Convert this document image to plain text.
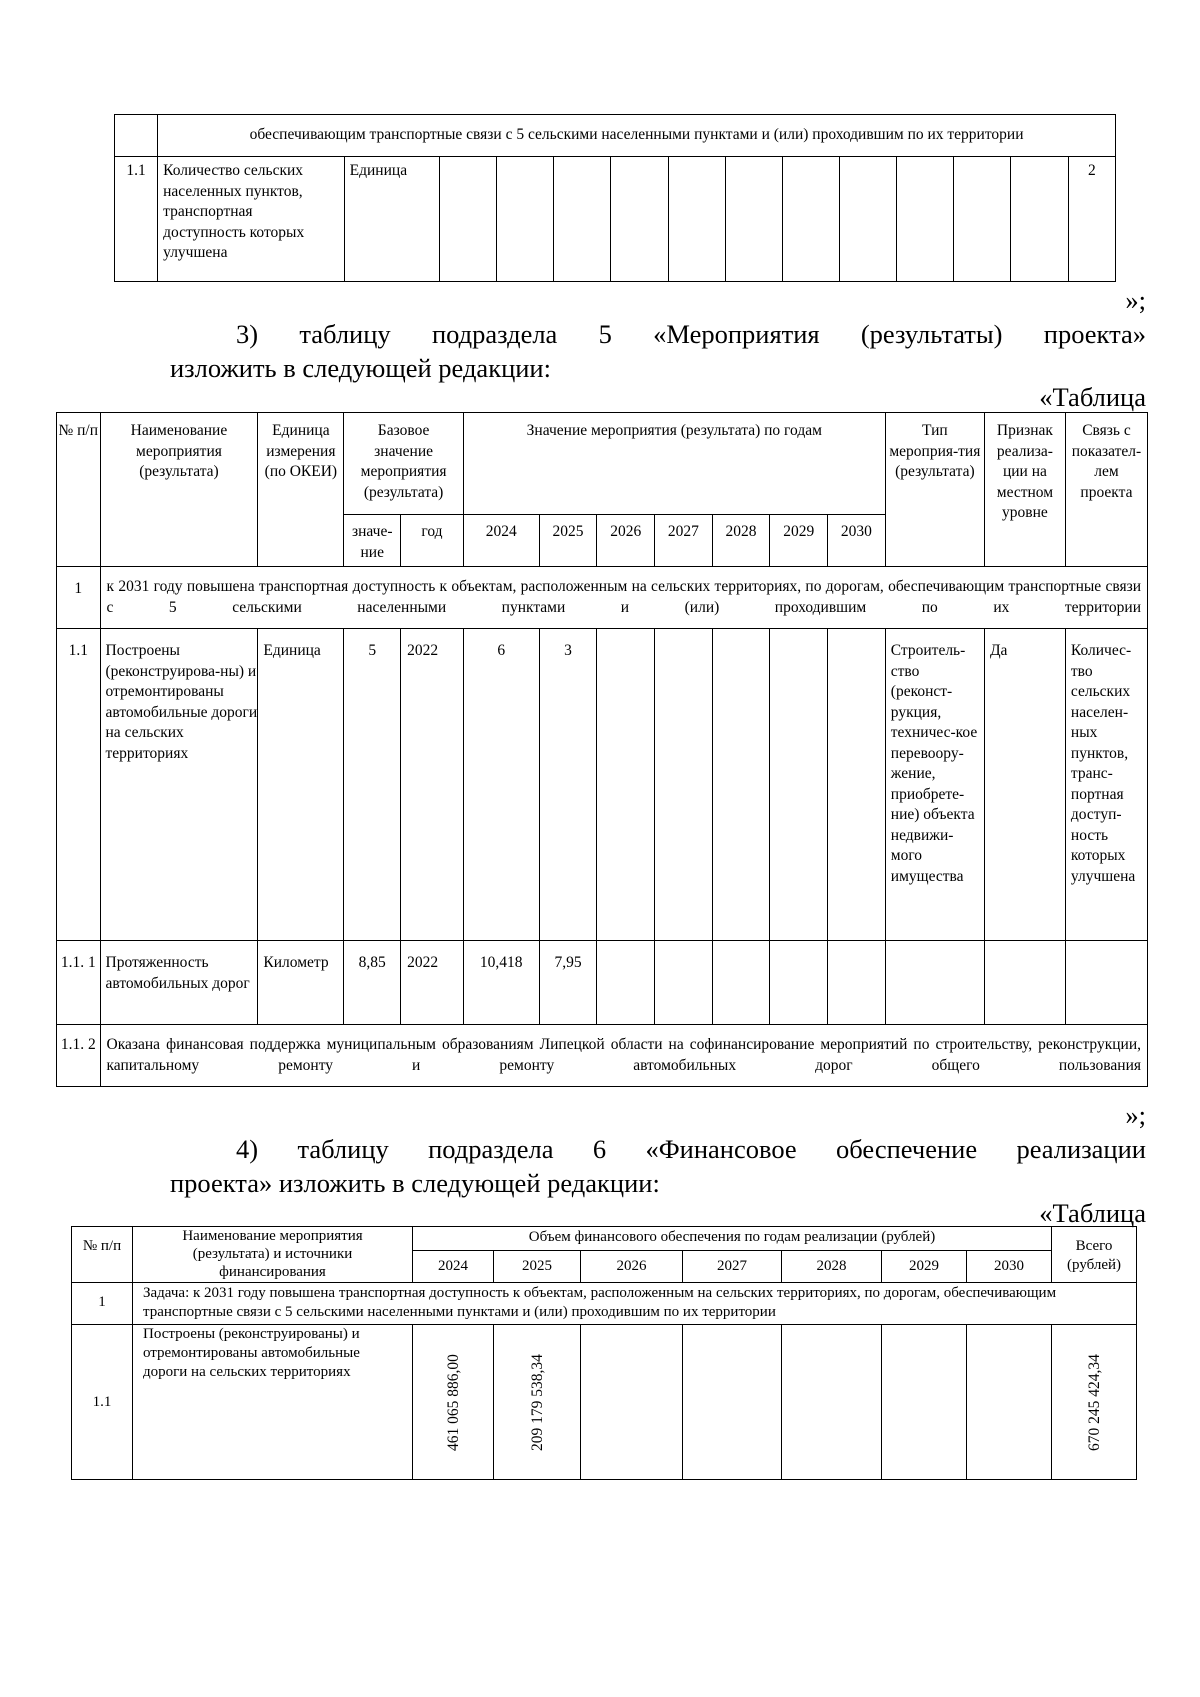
	обеспечивающим транспортные связи с 5 сельскими населенными пунктами и (или) проходившим по их территории													
1.1	Количество сельских населенных пунктов, транспортная доступность которых улучшена	Единица												2
»;
3) таблицу подраздела 5 «Мероприятия (результаты) проекта»
изложить в следующей редакции:
«Таблица
№ п/п	Наименование мероприятия (результата)	Единица измерения (по ОКЕИ)	Базовое значение мероприятия (результата)		Значение мероприятия (результата) по годам							Тип мероприя-тия (результата)	Признак реализа-ции на местном уровне	Связь с показател-лем проекта
			значе-ние	год	2024	2025	2026	2027	2028	2029	2030			
1	к 2031 году повышена транспортная доступность к объектам, расположенным на сельских территориях, по дорогам, обеспечивающим транспортные связи с 5 сельскими населенными пунктами и (или) проходившим по их территории													
1.1	Построены (реконструирова-ны) и отремонтированы автомобильные дороги на сельских территориях	Единица	5	2022	6	3						Строитель-ство (реконст-рукция, техничес-кое перевоору-жение, приобрете-ние) объекта недвижи-мого имущества	Да	Количес-тво сельских населен-ных пунктов, транс-портная доступ-ность которых улучшена
1.1. 1	Протяженность автомобильных дорог	Километр	8,85	2022	10,418	7,95								
1.1. 2	Оказана финансовая поддержка муниципальным образованиям Липецкой области на софинансирование мероприятий по строительству, реконструкции, капитальному ремонту и ремонту автомобильных дорог общего пользования													
»;
4) таблицу подраздела 6 «Финансовое обеспечение реализации
проекта» изложить в следующей редакции:
«Таблица
№ п/п	Наименование мероприятия (результата) и источники финансирования	Объем финансового обеспечения по годам реализации (рублей)							Всего (рублей)
		2024	2025	2026	2027	2028	2029	2030	
1	Задача: к 2031 году повышена транспортная доступность к объектам, расположенным на сельских территориях, по дорогам, обеспечивающим транспортные связи с 5 сельскими населенными пунктами и (или) проходившим по их территории								
1.1	Построены (реконструированы) и отремонтированы автомобильные дороги на сельских территориях	461 065 886,00	209 179 538,34						670 245 424,34
